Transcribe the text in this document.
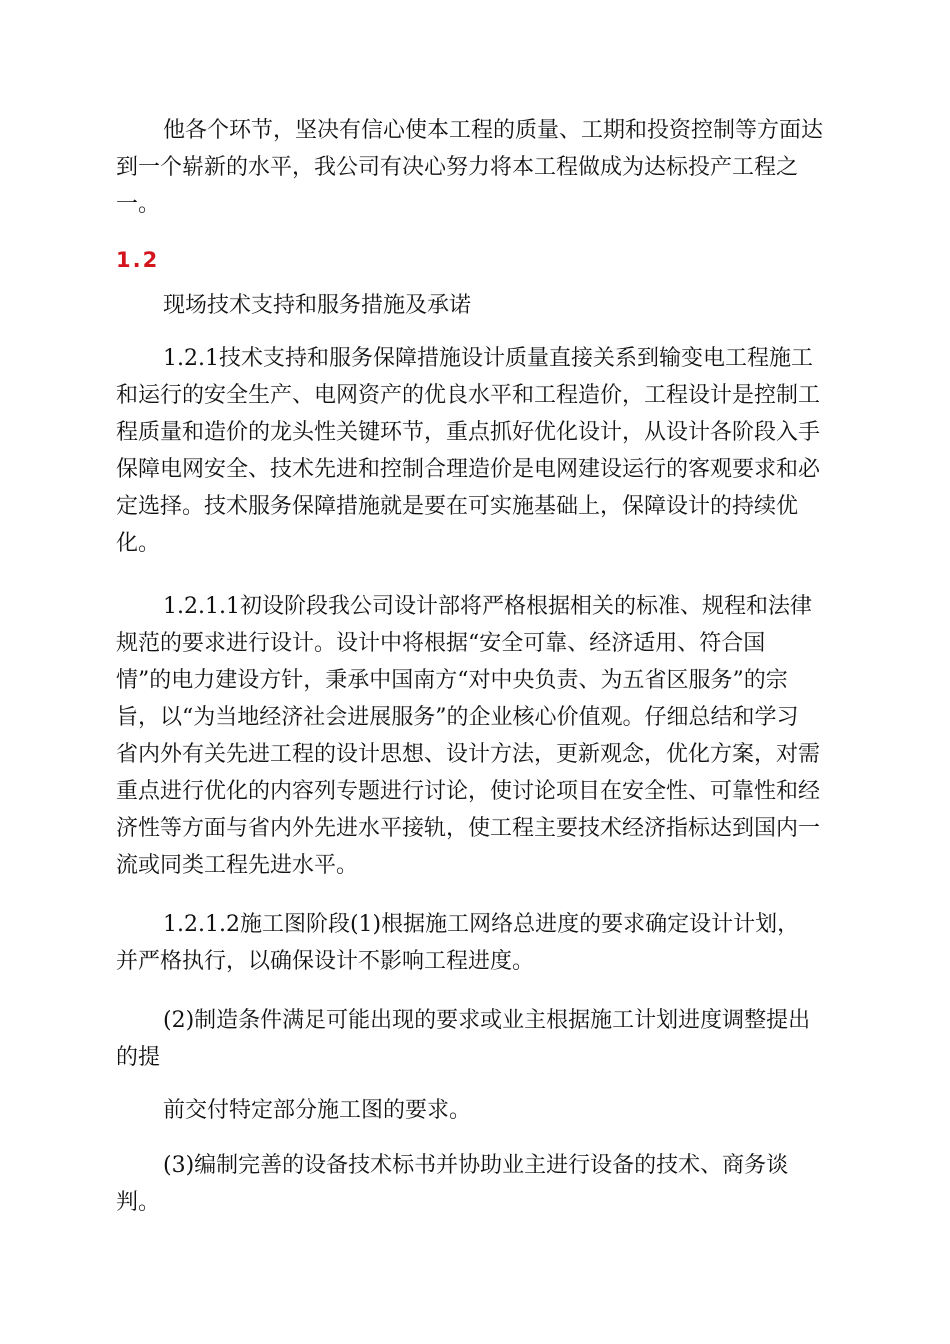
他各个环节，坚决有信心使本工程的质量、工期和投资控制等方面达
到一个崭新的水平，我公司有决心努力将本工程做成为达标投产工程之
一。

1.2

现场技术支持和服务措施及承诺

1.2.1技术支持和服务保障措施设计质量直接关系到输变电工程施工
和运行的安全生产、电网资产的优良水平和工程造价，工程设计是控制工
程质量和造价的龙头性关键环节，重点抓好优化设计，从设计各阶段入手
保障电网安全、技术先进和控制合理造价是电网建设运行的客观要求和必
定选择。技术服务保障措施就是要在可实施基础上，保障设计的持续优
化。

1.2.1.1初设阶段我公司设计部将严格根据相关的标准、规程和法律
规范的要求进行设计。设计中将根据“安全可靠、经济适用、符合国
情”的电力建设方针，秉承中国南方“对中央负责、为五省区服务”的宗
旨，以“为当地经济社会进展服务”的企业核心价值观。仔细总结和学习
省内外有关先进工程的设计思想、设计方法，更新观念，优化方案，对需
重点进行优化的内容列专题进行讨论，使讨论项目在安全性、可靠性和经
济性等方面与省内外先进水平接轨，使工程主要技术经济指标达到国内一
流或同类工程先进水平。

1.2.1.2施工图阶段(1)根据施工网络总进度的要求确定设计计划，
并严格执行，以确保设计不影响工程进度。

(2)制造条件满足可能出现的要求或业主根据施工计划进度调整提出
的提

前交付特定部分施工图的要求。

(3)编制完善的设备技术标书并协助业主进行设备的技术、商务谈
判。
